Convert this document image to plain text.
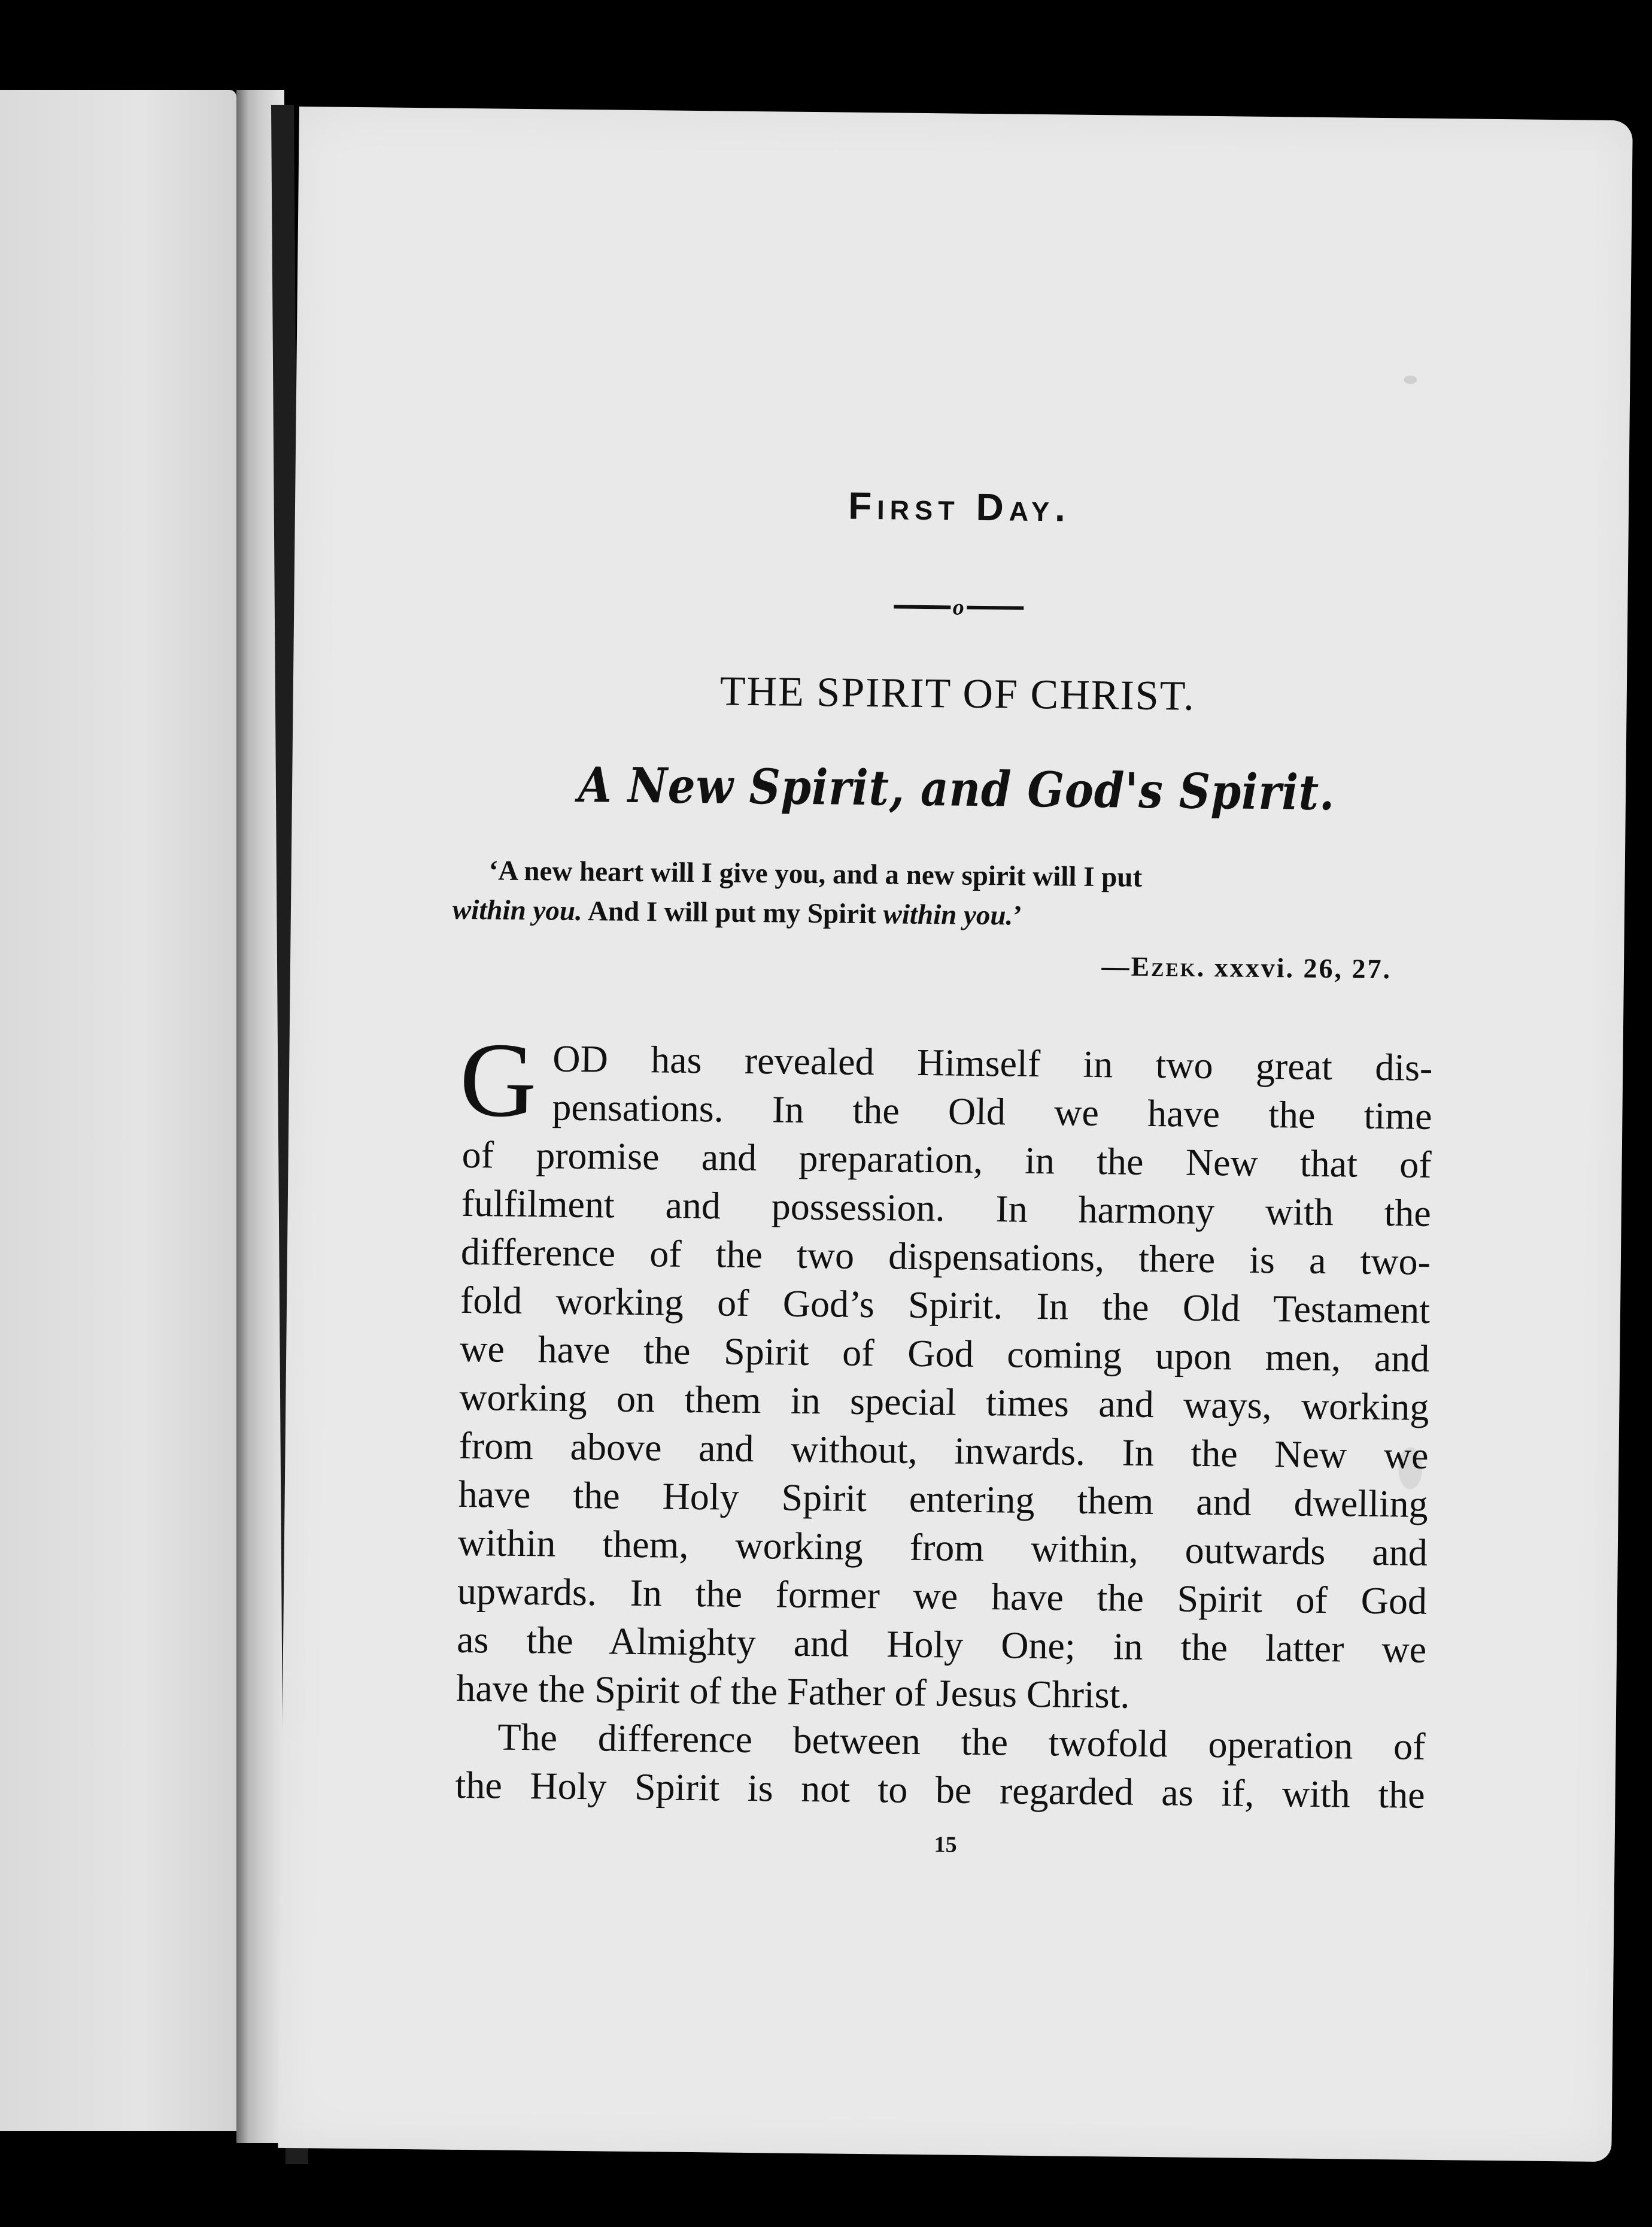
First Day.
o
THE SPIRIT OF CHRIST.
A New Spirit, and God's Spirit.
‘A new heart will I give you, and a new spirit will I put
within you. And I will put my Spirit within you.’
—Ezek. xxxvi. 26, 27.
G OD has revealed Himself in two great dis-
pensations. In the Old we have the time
of promise and preparation, in the New that of
fulfilment and possession. In harmony with the
difference of the two dispensations, there is a two-
fold working of God’s Spirit. In the Old Testament
we have the Spirit of God coming upon men, and
working on them in special times and ways, working
from above and without, inwards. In the New we
have the Holy Spirit entering them and dwelling
within them, working from within, outwards and
upwards. In the former we have the Spirit of God
as the Almighty and Holy One; in the latter we
have the Spirit of the Father of Jesus Christ.
The difference between the twofold operation of
the Holy Spirit is not to be regarded as if, with the
15
